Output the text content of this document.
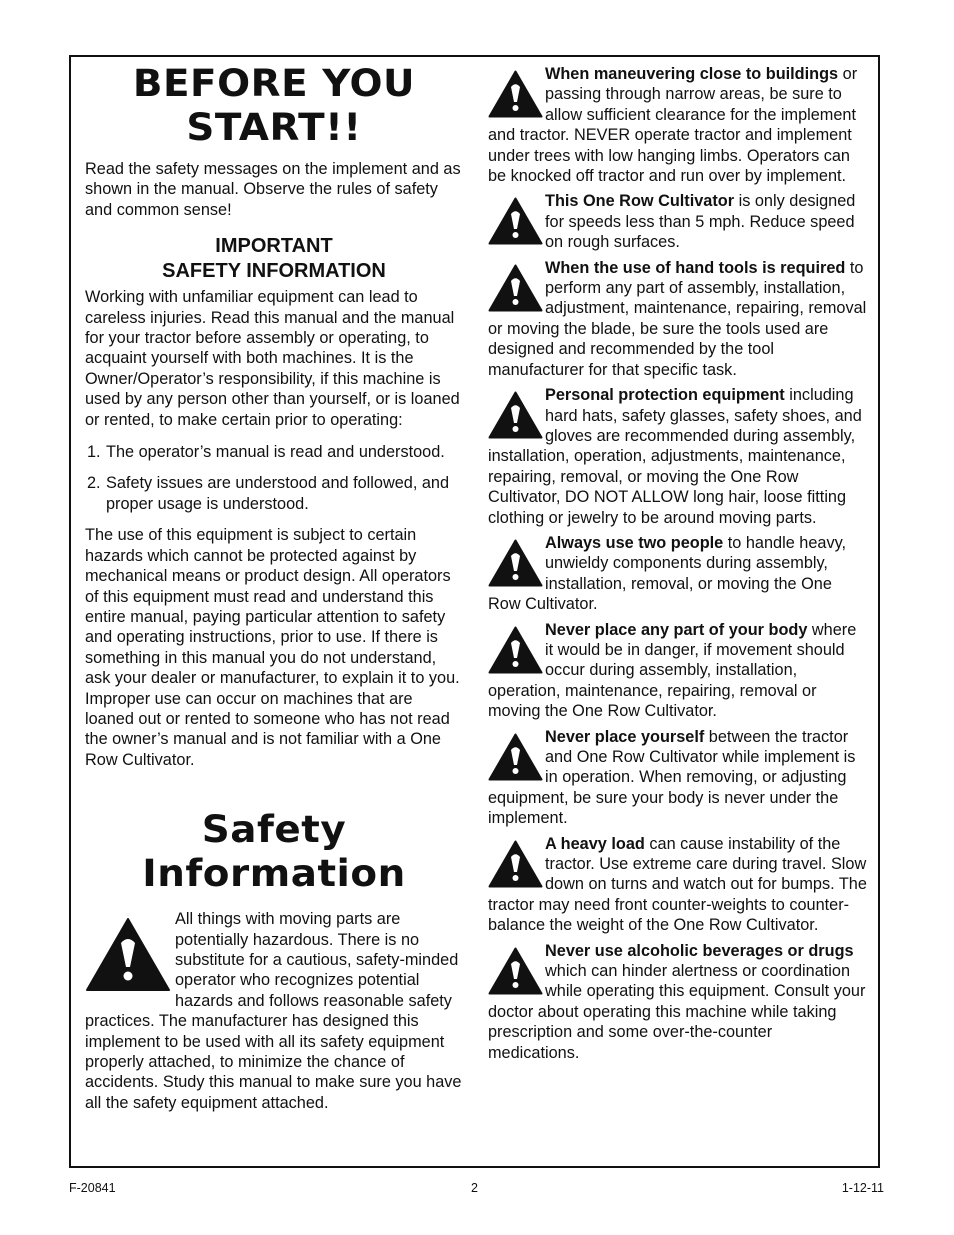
BEFORE YOU
START!!

Read the safety messages on the implement and as shown in the manual. Observe the rules of safety and common sense!

IMPORTANT
SAFETY INFORMATION

Working with unfamiliar equipment can lead to careless injuries. Read this manual and the manual for your tractor before assembly or operating, to acquaint yourself with both machines. It is the Owner/Operator’s responsibility, if this machine is used by any person other than yourself, or is loaned or rented, to make certain prior to operating:

1. The operator’s manual is read and understood.
2. Safety issues are understood and followed, and proper usage is understood.

The use of this equipment is subject to certain hazards which cannot be protected against by mechanical means or product design. All operators of this equipment must read and understand this entire manual, paying particular attention to safety and operating instructions, prior to use. If there is something in this manual you do not understand, ask your dealer or manufacturer, to explain it to you. Improper use can occur on machines that are loaned out or rented to someone who has not read the owner’s manual and is not familiar with a One Row Cultivator.

Safety
Information
All things with moving parts are potentially hazardous. There is no substitute for a cautious, safety-minded operator who recognizes potential hazards and follows reasonable safety practices. The manufacturer has designed this implement to be used with all its safety equipment properly attached, to minimize the chance of accidents. Study this manual to make sure you have all the safety equipment attached.
When maneuvering close to buildings or passing through narrow areas, be sure to allow sufficient clearance for the implement and tractor. NEVER operate tractor and implement under trees with low hanging limbs. Operators can be knocked off tractor and run over by implement.
This One Row Cultivator is only designed for speeds less than 5 mph. Reduce speed on rough surfaces.
When the use of hand tools is required to perform any part of assembly, installation, adjustment, maintenance, repairing, removal or moving the blade, be sure the tools used are designed and recommended by the tool manufacturer for that specific task.
Personal protection equipment including hard hats, safety glasses, safety shoes, and gloves are recommended during assembly, installation, operation, adjustments, maintenance, repairing, removal, or moving the One Row Cultivator, DO NOT ALLOW long hair, loose fitting clothing or jewelry to be around moving parts.
Always use two people to handle heavy, unwieldy components during assembly, installation, removal, or moving the One Row Cultivator.
Never place any part of your body where it would be in danger, if movement should occur during assembly, installation, operation, maintenance, repairing, removal or moving the One Row Cultivator.
Never place yourself between the tractor and One Row Cultivator while implement is in operation. When removing, or adjusting equipment, be sure your body is never under the implement.
A heavy load can cause instability of the tractor. Use extreme care during travel. Slow down on turns and watch out for bumps. The tractor may need front counter-weights to counter-balance the weight of the One Row Cultivator.
Never use alcoholic beverages or drugs which can hinder alertness or coordination while operating this equipment. Consult your doctor about operating this machine while taking prescription and some over-the-counter medications.
F-20841	2	1-12-11
